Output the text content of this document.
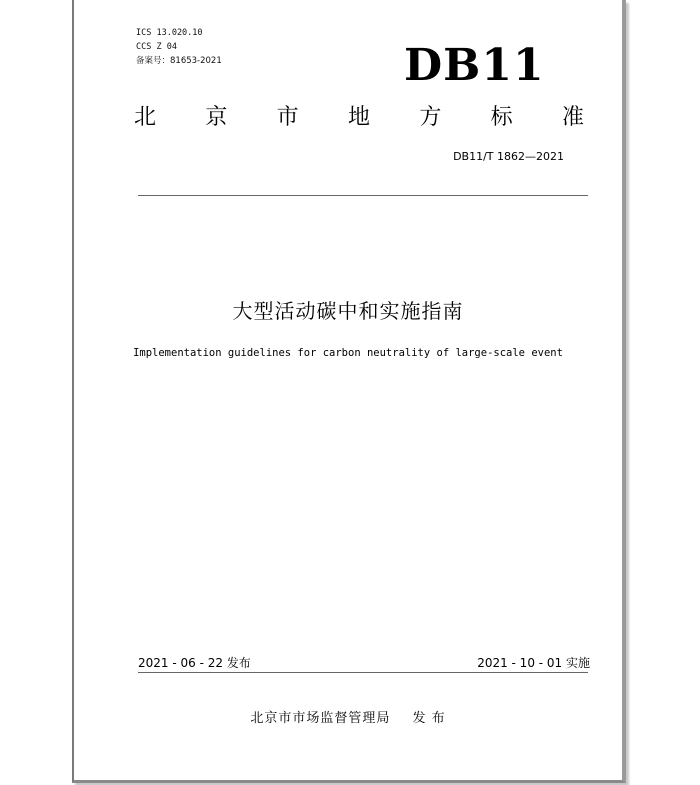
ICS 13.020.10
CCS Z 04
备案号：81653-2021	DB11
北 京 市 地 方 标 准
DB11/T 1862—2021
大型活动碳中和实施指南
Implementation guidelines for carbon neutrality of large-scale event
2021 - 06 - 22 发布	2021 - 10 - 01 实施
北京市市场监督管理局 发 布
